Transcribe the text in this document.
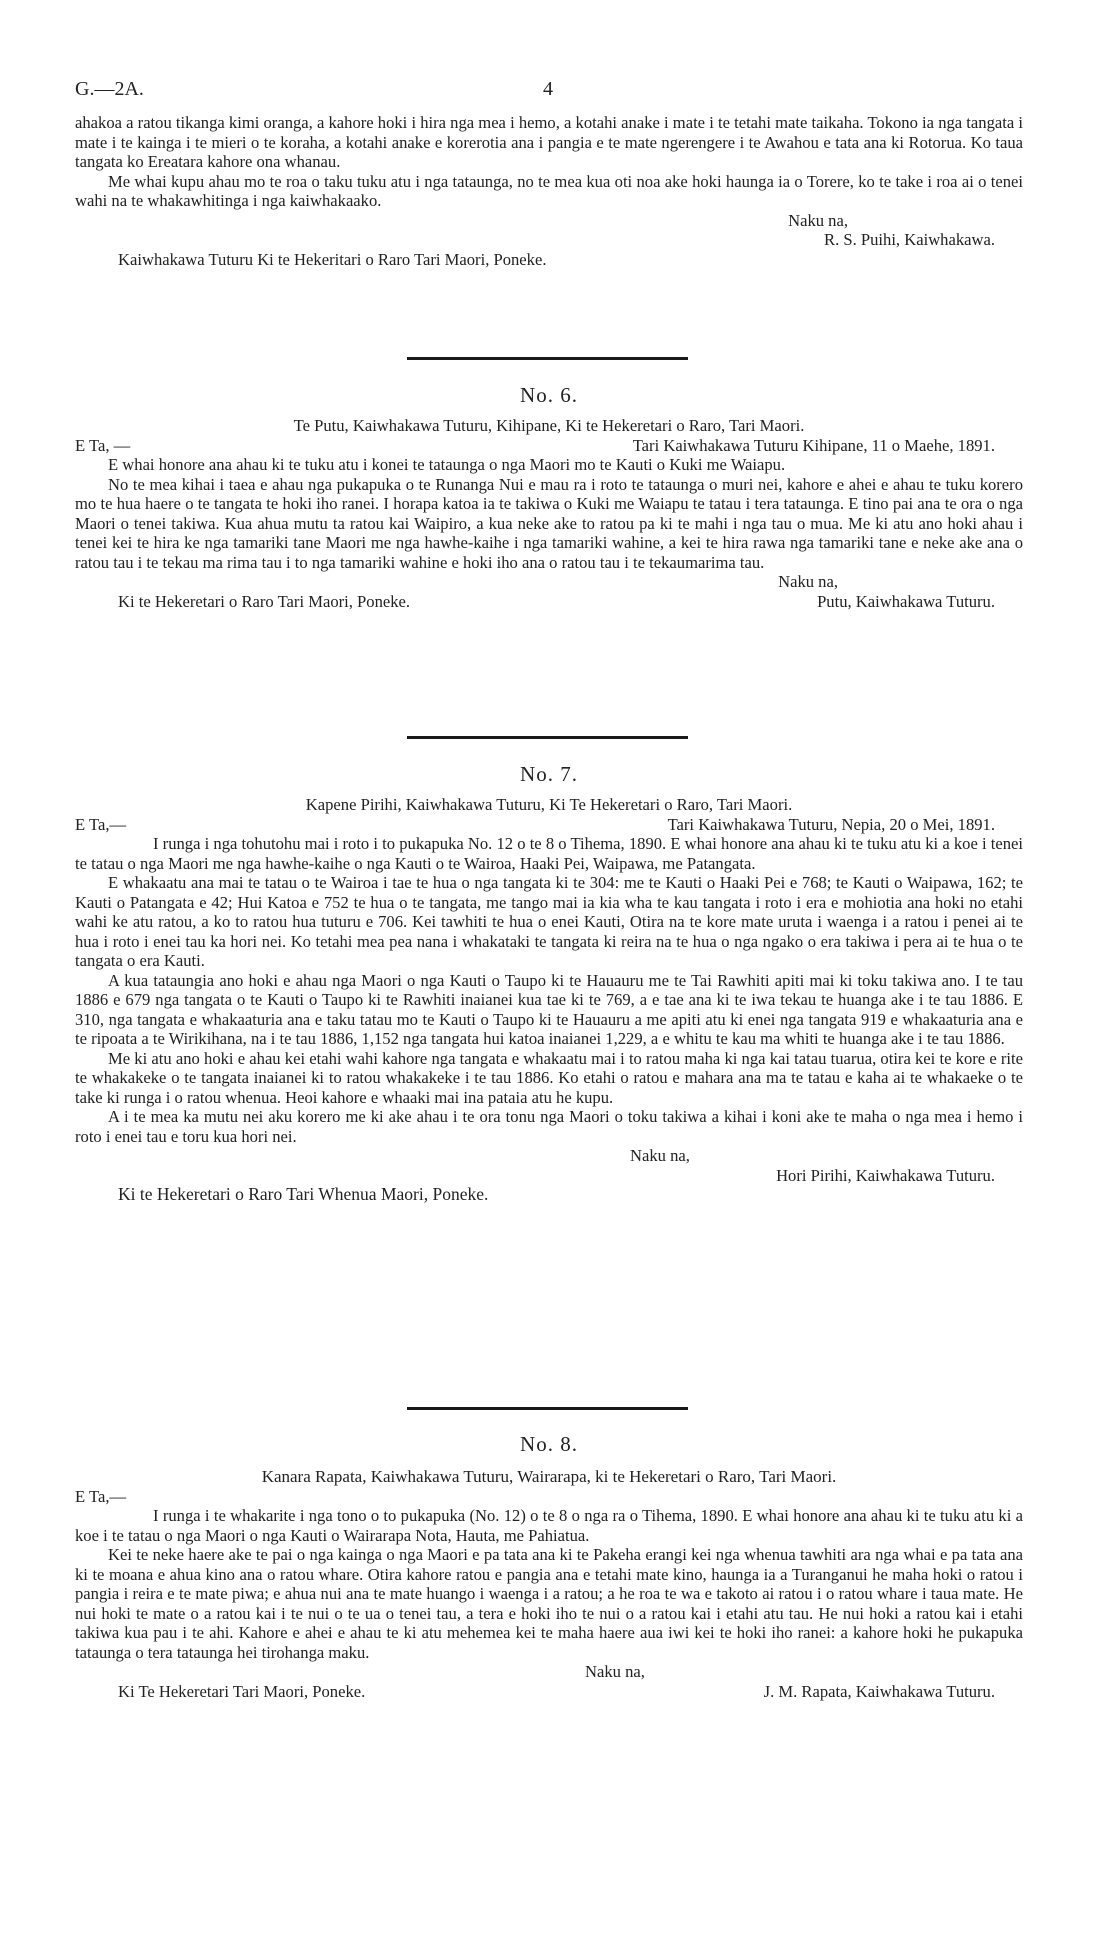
G.—2A.	4

ahakoa a ratou tikanga kimi oranga, a kahore hoki i hira nga mea i hemo, a kotahi anake i mate i te tetahi mate taikaha. Tokono ia nga tangata i mate i te kainga i te mieri o te koraha, a kotahi anake e korerotia ana i pangia e te mate ngerengere i te Awahou e tata ana ki Rotorua. Ko taua tangata ko Ereatara kahore ona whanau.

Me whai kupu ahau mo te roa o taku tuku atu i nga tataunga, no te mea kua oti noa ake hoki haunga ia o Torere, ko te take i roa ai o tenei wahi na te whakawhitinga i nga kaiwhakaako.

Naku na,

R. S. Puihi, Kaiwhakawa.

Kaiwhakawa Tuturu Ki te Hekeritari o Raro Tari Maori, Poneke.

No. 6.

Te Putu, Kaiwhakawa Tuturu, Kihipane, Ki te Hekeretari o Raro, Tari Maori.

E Ta, —	Tari Kaiwhakawa Tuturu Kihipane, 11 o Maehe, 1891.

E whai honore ana ahau ki te tuku atu i konei te tataunga o nga Maori mo te Kauti o Kuki me Waiapu.

No te mea kihai i taea e ahau nga pukapuka o te Runanga Nui e mau ra i roto te tataunga o muri nei, kahore e ahei e ahau te tuku korero mo te hua haere o te tangata te hoki iho ranei. I horapa katoa ia te takiwa o Kuki me Waiapu te tatau i tera tataunga. E tino pai ana te ora o nga Maori o tenei takiwa. Kua ahua mutu ta ratou kai Waipiro, a kua neke ake to ratou pa ki te mahi i nga tau o mua. Me ki atu ano hoki ahau i tenei kei te hira ke nga tamariki tane Maori me nga hawhe-kaihe i nga tamariki wahine, a kei te hira rawa nga tamariki tane e neke ake ana o ratou tau i te tekau ma rima tau i to nga tamariki wahine e hoki iho ana o ratou tau i te tekaumarima tau.

Naku na,

Ki te Hekeretari o Raro Tari Maori, Poneke.	Putu, Kaiwhakawa Tuturu.

No. 7.

Kapene Pirihi, Kaiwhakawa Tuturu, Ki Te Hekeretari o Raro, Tari Maori.

E Ta,—	Tari Kaiwhakawa Tuturu, Nepia, 20 o Mei, 1891.

I runga i nga tohutohu mai i roto i to pukapuka No. 12 o te 8 o Tihema, 1890. E whai honore ana ahau ki te tuku atu ki a koe i tenei te tatau o nga Maori me nga hawhe-kaihe o nga Kauti o te Wairoa, Haaki Pei, Waipawa, me Patangata.

E whakaatu ana mai te tatau o te Wairoa i tae te hua o nga tangata ki te 304: me te Kauti o Haaki Pei e 768; te Kauti o Waipawa, 162; te Kauti o Patangata e 42; Hui Katoa e 752 te hua o te tangata, me tango mai ia kia wha te kau tangata i roto i era e mohiotia ana hoki no etahi wahi ke atu ratou, a ko to ratou hua tuturu e 706. Kei tawhiti te hua o enei Kauti, Otira na te kore mate uruta i waenga i a ratou i penei ai te hua i roto i enei tau ka hori nei. Ko tetahi mea pea nana i whakataki te tangata ki reira na te hua o nga ngako o era takiwa i pera ai te hua o te tangata o era Kauti.

A kua tataungia ano hoki e ahau nga Maori o nga Kauti o Taupo ki te Hauauru me te Tai Rawhiti apiti mai ki toku takiwa ano. I te tau 1886 e 679 nga tangata o te Kauti o Taupo ki te Rawhiti inaianei kua tae ki te 769, a e tae ana ki te iwa tekau te huanga ake i te tau 1886. E 310, nga tangata e whakaaturia ana e taku tatau mo te Kauti o Taupo ki te Hauauru a me apiti atu ki enei nga tangata 919 e whakaaturia ana e te ripoata a te Wirikihana, na i te tau 1886, 1,152 nga tangata hui katoa inaianei 1,229, a e whitu te kau ma whiti te huanga ake i te tau 1886.

Me ki atu ano hoki e ahau kei etahi wahi kahore nga tangata e whakaatu mai i to ratou maha ki nga kai tatau tuarua, otira kei te kore e rite te whakakeke o te tangata inaianei ki to ratou whakakeke i te tau 1886. Ko etahi o ratou e mahara ana ma te tatau e kaha ai te whakaeke o te take ki runga i o ratou whenua. Heoi kahore e whaaki mai ina pataia atu he kupu.

A i te mea ka mutu nei aku korero me ki ake ahau i te ora tonu nga Maori o toku takiwa a kihai i koni ake te maha o nga mea i hemo i roto i enei tau e toru kua hori nei.

Naku na,

Hori Pirihi, Kaiwhakawa Tuturu.

Ki te Hekeretari o Raro Tari Whenua Maori, Poneke.

No. 8.

Kanara Rapata, Kaiwhakawa Tuturu, Wairarapa, ki te Hekeretari o Raro, Tari Maori.

E Ta,—

I runga i te whakarite i nga tono o to pukapuka (No. 12) o te 8 o nga ra o Tihema, 1890. E whai honore ana ahau ki te tuku atu ki a koe i te tatau o nga Maori o nga Kauti o Wairarapa Nota, Hauta, me Pahiatua.

Kei te neke haere ake te pai o nga kainga o nga Maori e pa tata ana ki te Pakeha erangi kei nga whenua tawhiti ara nga whai e pa tata ana ki te moana e ahua kino ana o ratou whare. Otira kahore ratou e pangia ana e tetahi mate kino, haunga ia a Turanganui he maha hoki o ratou i pangia i reira e te mate piwa; e ahua nui ana te mate huango i waenga i a ratou; a he roa te wa e takoto ai ratou i o ratou whare i taua mate. He nui hoki te mate o a ratou kai i te nui o te ua o tenei tau, a tera e hoki iho te nui o a ratou kai i etahi atu tau. He nui hoki a ratou kai i etahi takiwa kua pau i te ahi. Kahore e ahei e ahau te ki atu mehemea kei te maha haere aua iwi kei te hoki iho ranei: a kahore hoki he pukapuka tataunga o tera tataunga hei tirohanga maku.

Naku na,

Ki Te Hekeretari Tari Maori, Poneke.	J. M. Rapata, Kaiwhakawa Tuturu.
